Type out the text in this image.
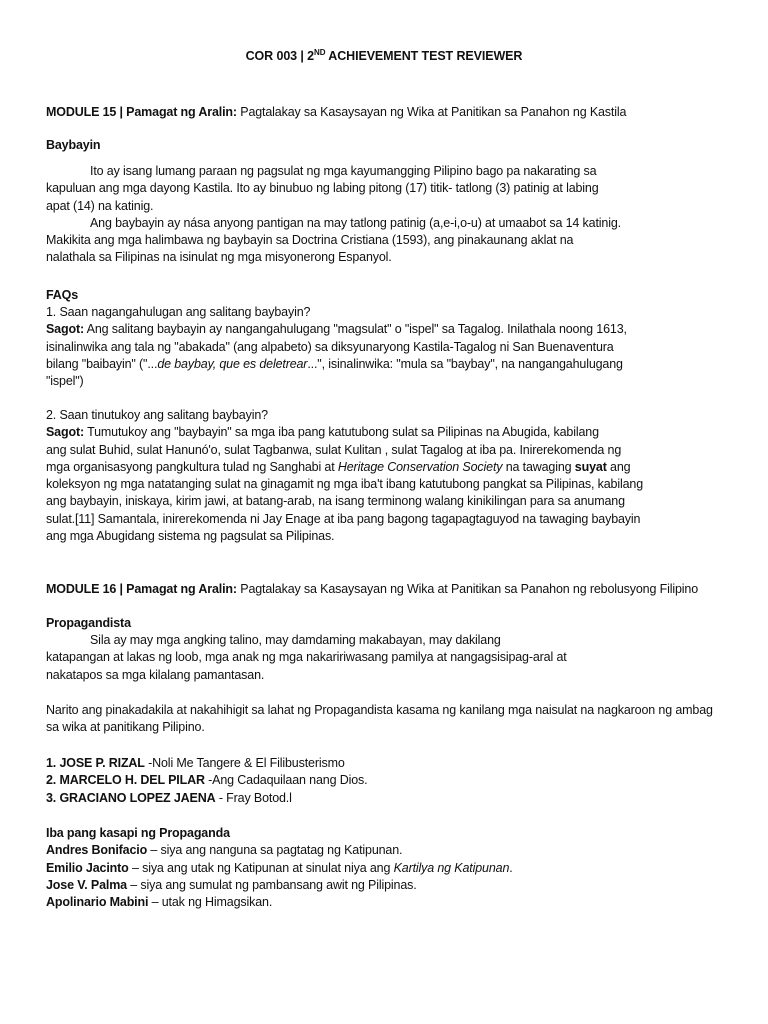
COR 003 | 2ND ACHIEVEMENT TEST REVIEWER
MODULE 15 | Pamagat ng Aralin: Pagtalakay sa Kasaysayan ng Wika at Panitikan sa Panahon ng Kastila
Baybayin
Ito ay isang lumang paraan ng pagsulat ng mga kayumangging Pilipino bago pa nakarating sa
kapuluan ang mga dayong Kastila. Ito ay binubuo ng labing pitong (17) titik- tatlong (3) patinig at labing
apat (14) na katinig.
Ang baybayin ay nása anyong pantigan na may tatlong patinig (a,e-i,o-u) at umaabot sa 14 katinig.
Makikita ang mga halimbawa ng baybayin sa Doctrina Cristiana (1593), ang pinakaunang aklat na
nalathala sa Filipinas na isinulat ng mga misyonerong Espanyol.
FAQs
1. Saan nagangahulugan ang salitang baybayin?
Sagot: Ang salitang baybayin ay nangangahulugang "magsulat" o "ispel" sa Tagalog. Inilathala noong 1613,
isinalinwika ang tala ng "abakada" (ang alpabeto) sa diksyunaryong Kastila-Tagalog ni San Buenaventura
bilang "baibayin" ("...de baybay, que es deletrear...", isinalinwika: "mula sa "baybay", na nangangahulugang
"ispel")
2. Saan tinutukoy ang salitang baybayin?
Sagot: Tumutukoy ang "baybayin" sa mga iba pang katutubong sulat sa Pilipinas na Abugida, kabilang
ang sulat Buhid, sulat Hanunó'o, sulat Tagbanwa, sulat Kulitan , sulat Tagalog at iba pa. Inirerekomenda ng
mga organisasyong pangkultura tulad ng Sanghabi at Heritage Conservation Society na tawaging suyat ang
koleksyon ng mga natatanging sulat na ginagamit ng mga iba't ibang katutubong pangkat sa Pilipinas, kabilang
ang baybayin, iniskaya, kirim jawi, at batang-arab, na isang terminong walang kinikilingan para sa anumang
sulat.[11] Samantala, inirerekomenda ni Jay Enage at iba pang bagong tagapagtaguyod na tawaging baybayin
ang mga Abugidang sistema ng pagsulat sa Pilipinas.
MODULE 16 | Pamagat ng Aralin: Pagtalakay sa Kasaysayan ng Wika at Panitikan sa Panahon ng rebolusyong Filipino
Propagandista
Sila ay may mga angking talino, may damdaming makabayan, may dakilang
katapangan at lakas ng loob, mga anak ng mga nakaririwasang pamilya at nangagsisipag-aral at
nakatapos sa mga kilalang pamantasan.
Narito ang pinakadakila at nakahihigit sa lahat ng Propagandista kasama ng kanilang mga naisulat na nagkaroon ng ambag
sa wika at panitikang Pilipino.
1. JOSE P. RIZAL -Noli Me Tangere & El Filibusterismo
2. MARCELO H. DEL PILAR -Ang Cadaquilaan nang Dios.
3. GRACIANO LOPEZ JAENA - Fray Botod.l
Iba pang kasapi ng Propaganda
Andres Bonifacio – siya ang nanguna sa pagtatag ng Katipunan.
Emilio Jacinto – siya ang utak ng Katipunan at sinulat niya ang Kartilya ng Katipunan.
Jose V. Palma – siya ang sumulat ng pambansang awit ng Pilipinas.
Apolinario Mabini – utak ng Himagsikan.
